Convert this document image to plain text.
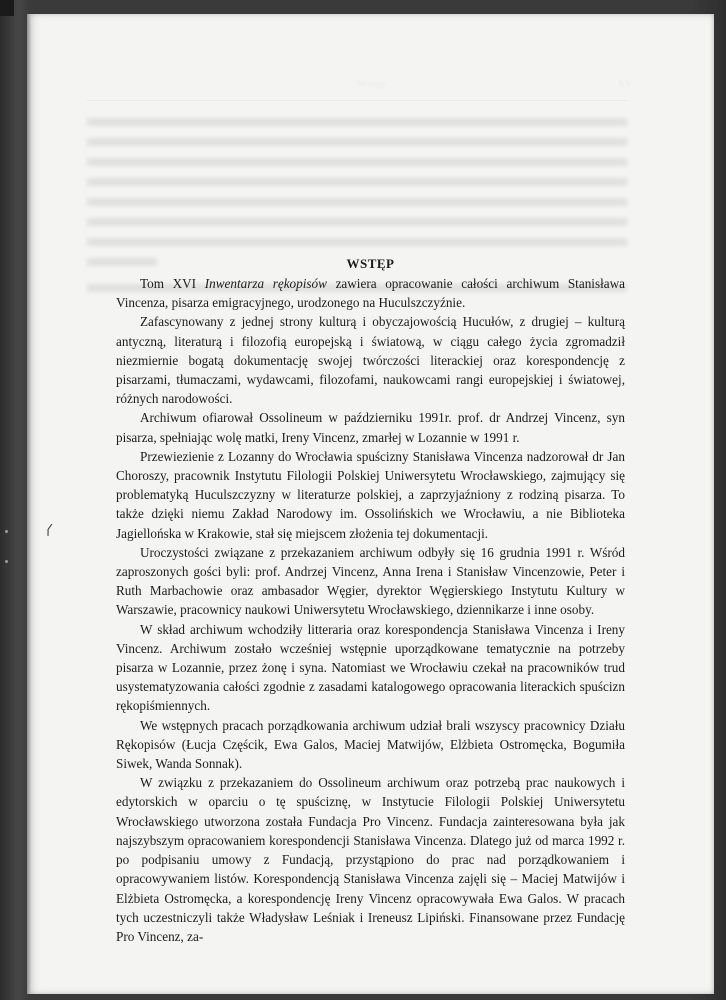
WSTĘP

Tom XVI Inwentarza rękopisów zawiera opracowanie całości archiwum Stanisława Vincenza, pisarza emigracyjnego, urodzonego na Huculszczyźnie.

Zafascynowany z jednej strony kulturą i obyczajowością Hucułów, z drugiej – kulturą antyczną, literaturą i filozofią europejską i światową, w ciągu całego życia zgromadził niezmiernie bogatą dokumentację swojej twórczości literackiej oraz korespondencję z pisarzami, tłumaczami, wydawcami, filozofami, naukowcami rangi europejskiej i światowej, różnych narodowości.

Archiwum ofiarował Ossolineum w październiku 1991r. prof. dr Andrzej Vincenz, syn pisarza, spełniając wolę matki, Ireny Vincenz, zmarłej w Lozannie w 1991 r.

Przewiezienie z Lozanny do Wrocławia spuścizny Stanisława Vincenza nadzorował dr Jan Choroszy, pracownik Instytutu Filologii Polskiej Uniwersytetu Wrocławskiego, zajmujący się problematyką Huculszczyzny w literaturze polskiej, a zaprzyjaźniony z rodziną pisarza. To także dzięki niemu Zakład Narodowy im. Ossolińskich we Wrocławiu, a nie Biblioteka Jagiellońska w Krakowie, stał się miejscem złożenia tej dokumentacji.

Uroczystości związane z przekazaniem archiwum odbyły się 16 grudnia 1991 r. Wśród zaproszonych gości byli: prof. Andrzej Vincenz, Anna Irena i Stanisław Vincenzowie, Peter i Ruth Marbachowie oraz ambasador Węgier, dyrektor Węgierskiego Instytutu Kultury w Warszawie, pracownicy naukowi Uniwersytetu Wrocławskiego, dziennikarze i inne osoby.

W skład archiwum wchodziły litteraria oraz korespondencja Stanisława Vincenza i Ireny Vincenz. Archiwum zostało wcześniej wstępnie uporządkowane tematycznie na potrzeby pisarza w Lozannie, przez żonę i syna. Natomiast we Wrocławiu czekał na pracowników trud usystematyzowania całości zgodnie z zasadami katalogowego opracowania literackich spuścizn rękopiśmiennych.

We wstępnych pracach porządkowania archiwum udział brali wszyscy pracownicy Działu Rękopisów (Łucja Częścik, Ewa Galos, Maciej Matwijów, Elżbieta Ostromęcka, Bogumiła Siwek, Wanda Sonnak).

W związku z przekazaniem do Ossolineum archiwum oraz potrzebą prac naukowych i edytorskich w oparciu o tę spuściznę, w Instytucie Filologii Polskiej Uniwersytetu Wrocławskiego utworzona została Fundacja Pro Vincenz. Fundacja zainteresowana była jak najszybszym opracowaniem korespondencji Stanisława Vincenza. Dlatego już od marca 1992 r. po podpisaniu umowy z Fundacją, przystąpiono do prac nad porządkowaniem i opracowywaniem listów. Korespondencją Stanisława Vincenza zajęli się – Maciej Matwijów i Elżbieta Ostromęcka, a korespondencję Ireny Vincenz opracowywała Ewa Galos. W pracach tych uczestniczyli także Władysław Leśniak i Ireneusz Lipiński. Finansowane przez Fundację Pro Vincenz, za-

⟨
